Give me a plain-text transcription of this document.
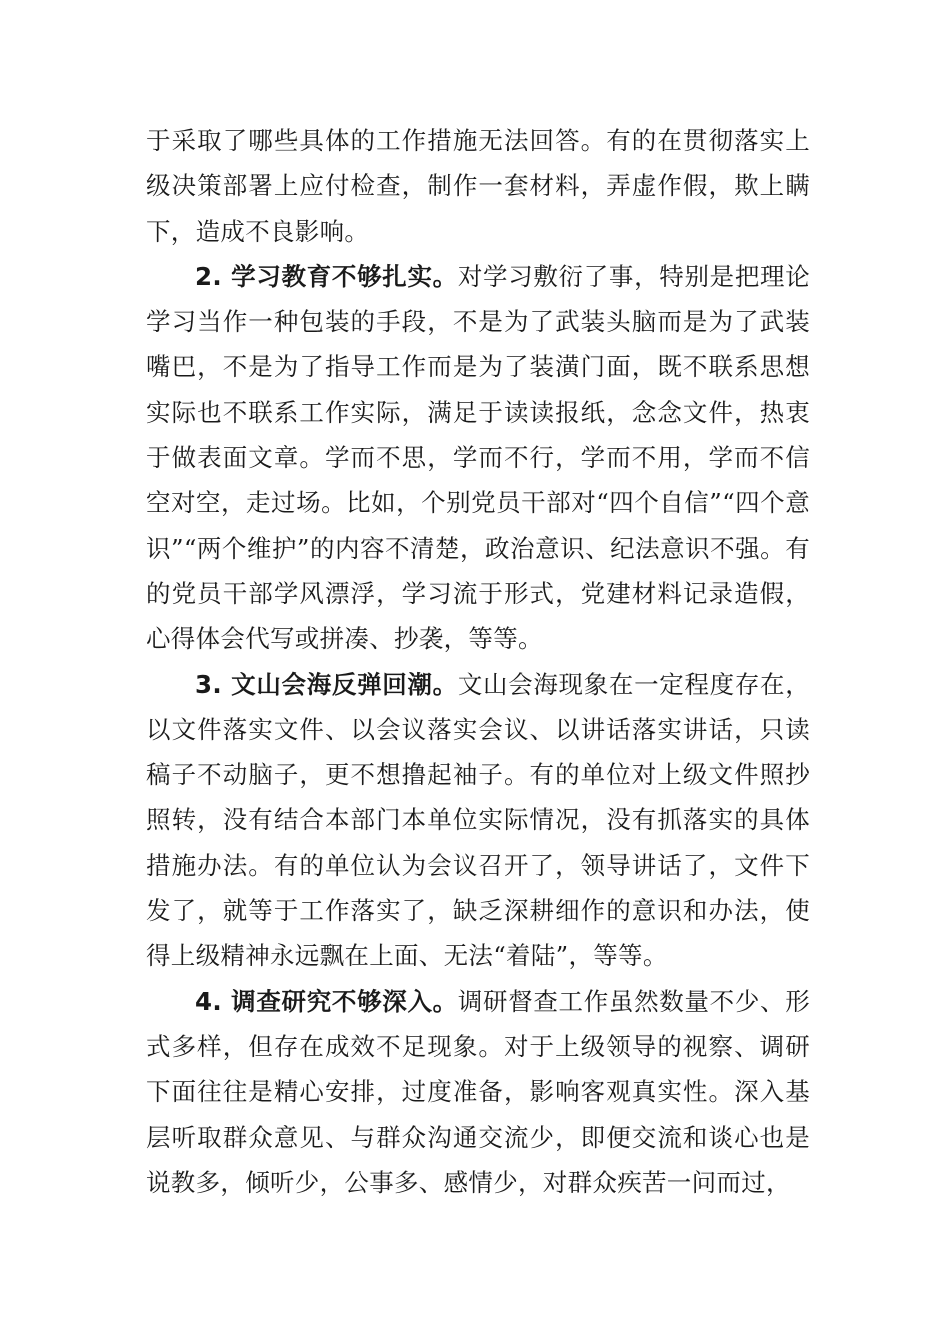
于采取了哪些具体的工作措施无法回答。有的在贯彻落实上级决策部署上应付检查，制作一套材料，弄虚作假，欺上瞒下，造成不良影响。

2. 学习教育不够扎实。对学习敷衍了事，特别是把理论学习当作一种包装的手段，不是为了武装头脑而是为了武装嘴巴，不是为了指导工作而是为了装潢门面，既不联系思想实际也不联系工作实际，满足于读读报纸，念念文件，热衷于做表面文章。学而不思，学而不行，学而不用，学而不信空对空，走过场。比如，个别党员干部对“四个自信”“四个意识”“两个维护”的内容不清楚，政治意识、纪法意识不强。有的党员干部学风漂浮，学习流于形式，党建材料记录造假，心得体会代写或拼凑、抄袭，等等。

3. 文山会海反弹回潮。文山会海现象在一定程度存在，以文件落实文件、以会议落实会议、以讲话落实讲话，只读稿子不动脑子，更不想撸起袖子。有的单位对上级文件照抄照转，没有结合本部门本单位实际情况，没有抓落实的具体措施办法。有的单位认为会议召开了，领导讲话了，文件下发了，就等于工作落实了，缺乏深耕细作的意识和办法，使得上级精神永远飘在上面、无法“着陆”，等等。

4. 调查研究不够深入。调研督查工作虽然数量不少、形式多样，但存在成效不足现象。对于上级领导的视察、调研下面往往是精心安排，过度准备，影响客观真实性。深入基层听取群众意见、与群众沟通交流少，即便交流和谈心也是说教多，倾听少，公事多、感情少，对群众疾苦一问而过，
